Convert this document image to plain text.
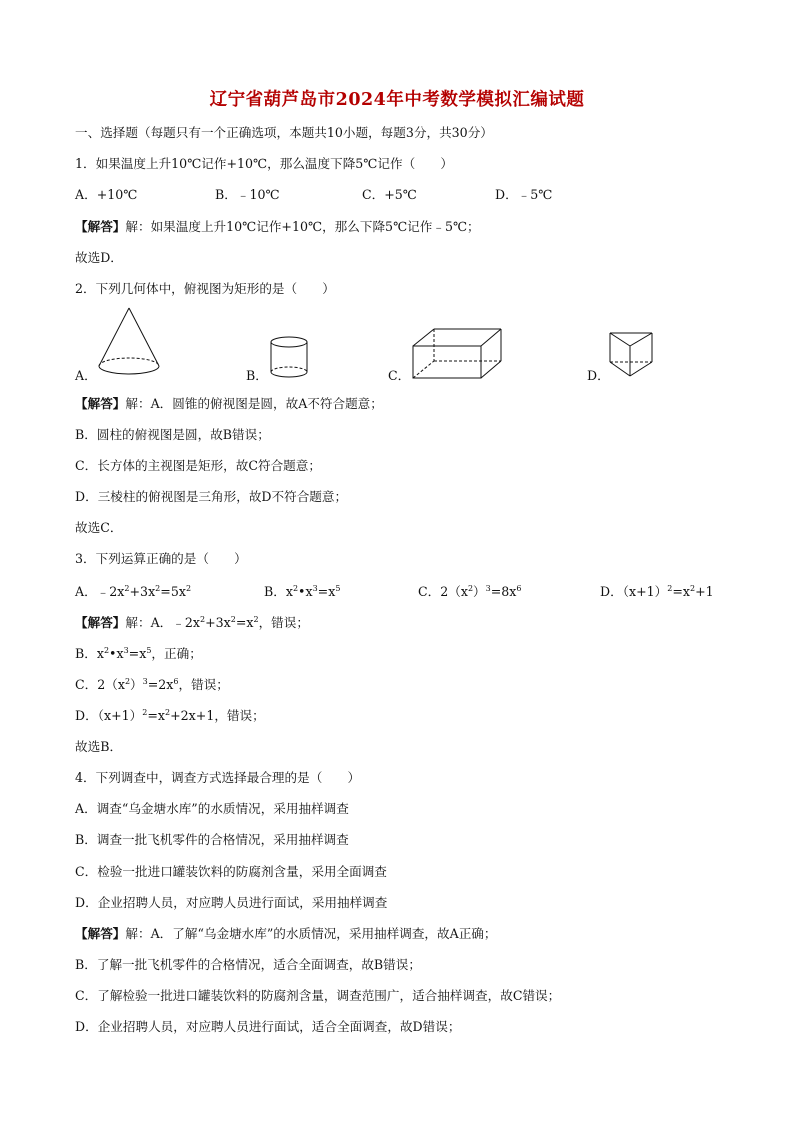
辽宁省葫芦岛市2024年中考数学模拟汇编试题
一、选择题（每题只有一个正确选项，本题共10小题，每题3分，共30分）
1．如果温度上升10℃记作+10℃，那么温度下降5℃记作（　　）
A．+10℃	B．﹣10℃	C．+5℃	D．﹣5℃
【解答】解：如果温度上升10℃记作+10℃，那么下降5℃记作﹣5℃；
故选D．
2．下列几何体中，俯视图为矩形的是（　　）
A．	B．	C．	D．
【解答】解：A．圆锥的俯视图是圆，故A不符合题意；
B．圆柱的俯视图是圆，故B错误；
C．长方体的主视图是矩形，故C符合题意；
D．三棱柱的俯视图是三角形，故D不符合题意；
故选C．
3．下列运算正确的是（　　）
A．$﹣2x^2+3x^2=5x^2$	B．$x^2•x^3=x^5$	C．$2(x^2)^3=8x^6$	D．$(x+1)^2=x^2+1$
【解答】解：A．$﹣2x^2+3x^2=x^2$，错误；
B．$x^2•x^3=x^5$，正确；
C．$2(x^2)^3=2x^6$，错误；
D．$(x+1)^2=x^2+2x+1$，错误；
故选B．
4．下列调查中，调查方式选择最合理的是（　　）
A．调查“乌金塘水库”的水质情况，采用抽样调查
B．调查一批飞机零件的合格情况，采用抽样调查
C．检验一批进口罐装饮料的防腐剂含量，采用全面调查
D．企业招聘人员，对应聘人员进行面试，采用抽样调查
【解答】解：A．了解“乌金塘水库”的水质情况，采用抽样调查，故A正确；
B．了解一批飞机零件的合格情况，适合全面调查，故B错误；
C．了解检验一批进口罐装饮料的防腐剂含量，调查范围广，适合抽样调查，故C错误；
D．企业招聘人员，对应聘人员进行面试，适合全面调查，故D错误；
